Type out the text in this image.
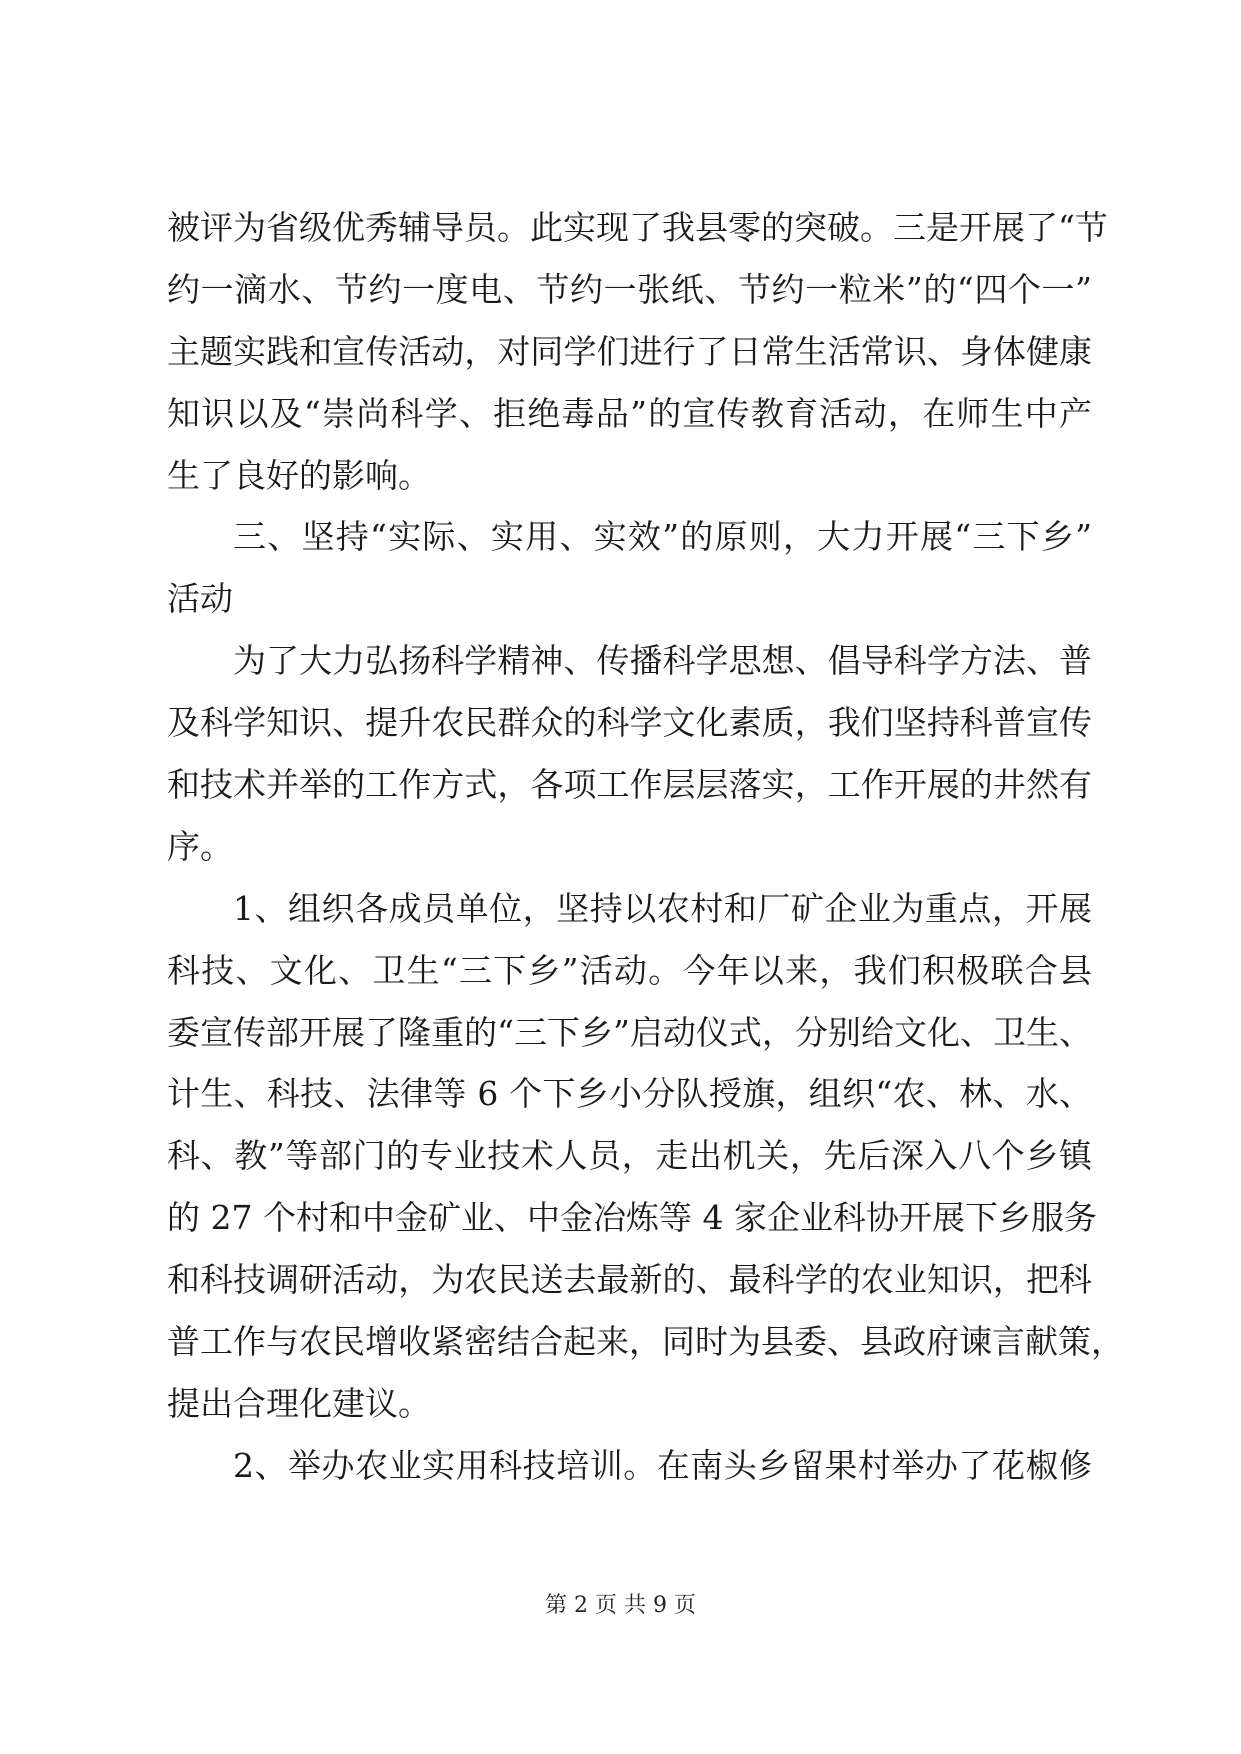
被评为省级优秀辅导员。此实现了我县零的突破。三是开展了“节
约一滴水、节约一度电、节约一张纸、节约一粒米”的“四个一”
主题实践和宣传活动，对同学们进行了日常生活常识、身体健康
知识以及“崇尚科学、拒绝毒品”的宣传教育活动，在师生中产
生了良好的影响。
三、坚持“实际、实用、实效”的原则，大力开展“三下乡”
活动
为了大力弘扬科学精神、传播科学思想、倡导科学方法、普
及科学知识、提升农民群众的科学文化素质，我们坚持科普宣传
和技术并举的工作方式，各项工作层层落实，工作开展的井然有
序。
1、组织各成员单位，坚持以农村和厂矿企业为重点，开展
科技、文化、卫生“三下乡”活动。今年以来，我们积极联合县
委宣传部开展了隆重的“三下乡”启动仪式，分别给文化、卫生、
计生、科技、法律等 6 个下乡小分队授旗，组织“农、林、水、
科、教”等部门的专业技术人员，走出机关，先后深入八个乡镇
的 27 个村和中金矿业、中金冶炼等 4 家企业科协开展下乡服务
和科技调研活动，为农民送去最新的、最科学的农业知识，把科
普工作与农民增收紧密结合起来，同时为县委、县政府谏言献策，
提出合理化建议。
2、举办农业实用科技培训。在南头乡留果村举办了花椒修
第 2 页 共 9 页
